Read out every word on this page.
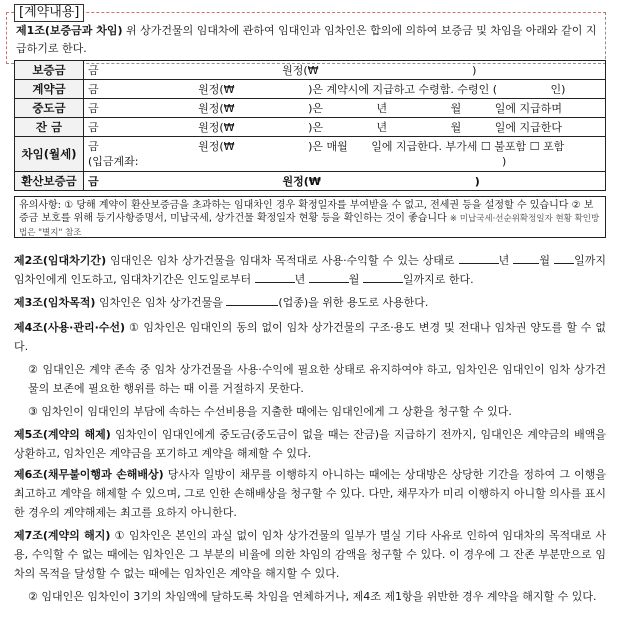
[계약내용]
제1조(보증금과 차임) 위 상가건물의 임대차에 관하여 임대인과 임차인은 합의에 의하여 보증금 및 차임을 아래와 같이 지급하기로 한다.
보증금	금 원정(₩ )
계약금	금 원정(₩ )은 계약시에 지급하고 수령함. 수령인 ( 인)
중도금	금 원정(₩ )은 년 월 일에 지급하며
잔 금	금 원정(₩ )은 년 월 일에 지급한다
차임(월세)	금 원정(₩ )은 매월 일에 지급한다. 부가세 ☐ 불포함 ☐ 포함
(입금계좌: )
환산보증금	금 원정(₩ )
유의사항: ① 당해 계약이 환산보증금을 초과하는 임대차인 경우 확정일자를 부여받을 수 없고, 전세권 등을 설정할 수 있습니다 ② 보증금 보호를 위해 등기사항증명서, 미납국세, 상가건물 확정일자 현황 등을 확인하는 것이 좋습니다 ※ 미납국세·선순위확정일자 현황 확인방법은 "별지" 참조
제2조(임대차기간) 임대인은 임차 상가건물을 임대차 목적대로 사용·수익할 수 있는 상태로	년	월 일까지 임차인에게 인도하고, 임대차기간은 인도일로부터	년	월	일까지로 한다.
제3조(임차목적) 임차인은 임차 상가건물을	(업종)을 위한 용도로 사용한다.
제4조(사용·관리·수선) ① 임차인은 임대인의 동의 없이 임차 상가건물의 구조·용도 변경 및 전대나 임차권 양도를 할 수 없다.
② 임대인은 계약 존속 중 임차 상가건물을 사용·수익에 필요한 상태로 유지하여야 하고, 임차인은 임대인이 임차 상가건물의 보존에 필요한 행위를 하는 때 이를 거절하지 못한다.
③ 임차인이 임대인의 부담에 속하는 수선비용을 지출한 때에는 임대인에게 그 상환을 청구할 수 있다.
제5조(계약의 해제) 임차인이 임대인에게 중도금(중도금이 없을 때는 잔금)을 지급하기 전까지, 임대인은 계약금의 배액을 상환하고, 임차인은 계약금을 포기하고 계약을 해제할 수 있다.
제6조(채무불이행과 손해배상) 당사자 일방이 채무를 이행하지 아니하는 때에는 상대방은 상당한 기간을 정하여 그 이행을 최고하고 계약을 해제할 수 있으며, 그로 인한 손해배상을 청구할 수 있다. 다만, 채무자가 미리 이행하지 아니할 의사를 표시한 경우의 계약해제는 최고를 요하지 아니한다.
제7조(계약의 해지) ① 임차인은 본인의 과실 없이 임차 상가건물의 일부가 멸실 기타 사유로 인하여 임대차의 목적대로 사용, 수익할 수 없는 때에는 임차인은 그 부분의 비율에 의한 차임의 감액을 청구할 수 있다. 이 경우에 그 잔존 부분만으로 임차의 목적을 달성할 수 없는 때에는 임차인은 계약을 해지할 수 있다.
② 임대인은 임차인이 3기의 차임액에 달하도록 차임을 연체하거나, 제4조 제1항을 위반한 경우 계약을 해지할 수 있다.
